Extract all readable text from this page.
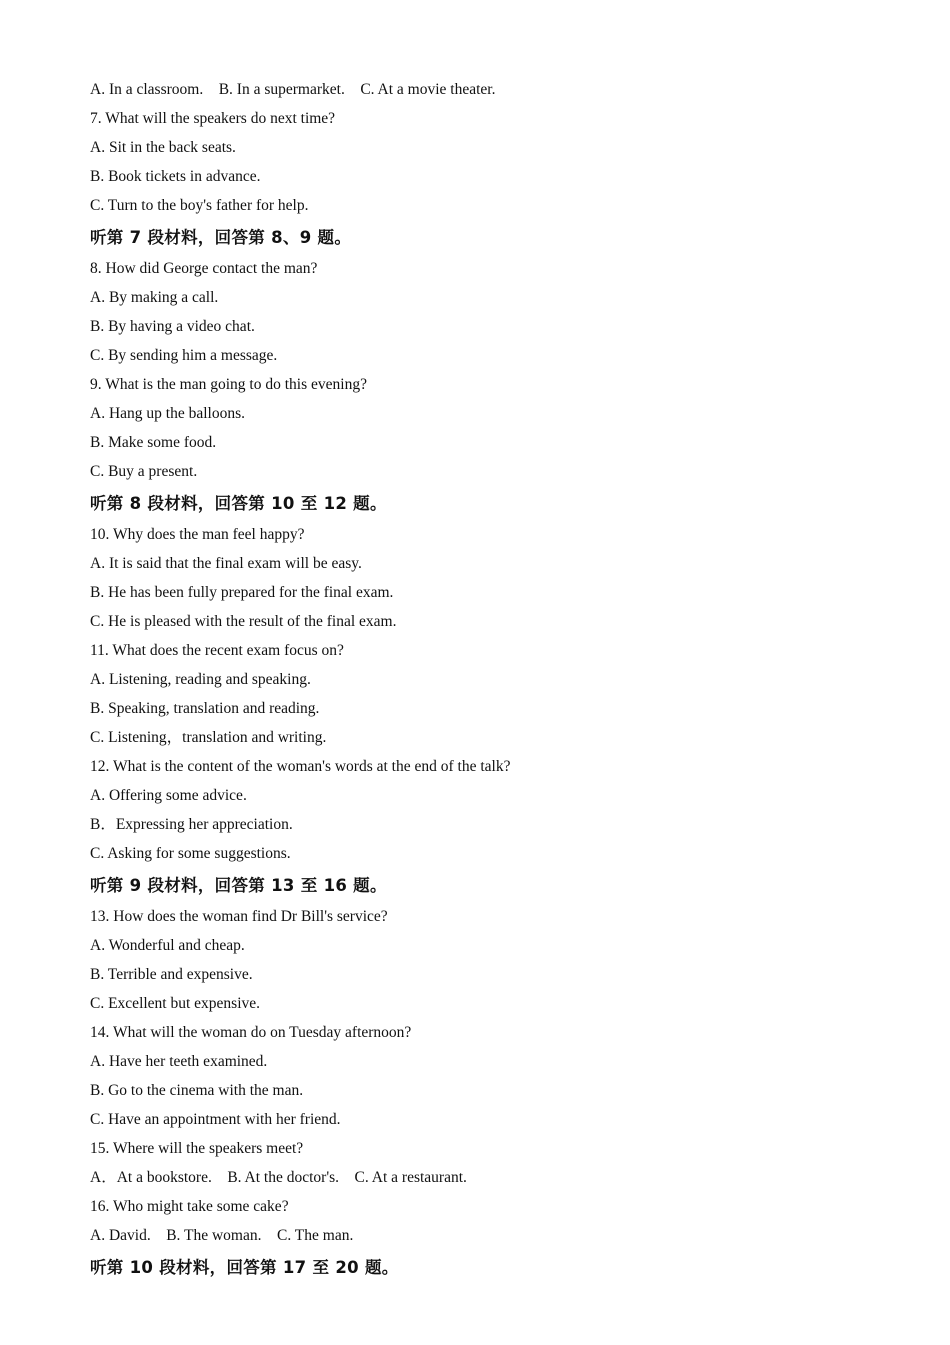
A. In a classroom.    B. In a supermarket.    C. At a movie theater.
7. What will the speakers do next time?
A. Sit in the back seats.
B. Book tickets in advance.
C. Turn to the boy's father for help.
听第 7 段材料，回答第 8、9 题。
8. How did George contact the man?
A. By making a call.
B. By having a video chat.
C. By sending him a message.
9. What is the man going to do this evening?
A. Hang up the balloons.
B. Make some food.
C. Buy a present.
听第 8 段材料，回答第 10 至 12 题。
10. Why does the man feel happy?
A. It is said that the final exam will be easy.
B. He has been fully prepared for the final exam.
C. He is pleased with the result of the final exam.
11. What does the recent exam focus on?
A. Listening, reading and speaking.
B. Speaking, translation and reading.
C. Listening，translation and writing.
12. What is the content of the woman's words at the end of the talk?
A. Offering some advice.
B．Expressing her appreciation.
C. Asking for some suggestions.
听第 9 段材料，回答第 13 至 16 题。
13. How does the woman find Dr Bill's service?
A. Wonderful and cheap.
B. Terrible and expensive.
C. Excellent but expensive.
14. What will the woman do on Tuesday afternoon?
A. Have her teeth examined.
B. Go to the cinema with the man.
C. Have an appointment with her friend.
15. Where will the speakers meet?
A．At a bookstore.    B. At the doctor's.    C. At a restaurant.
16. Who might take some cake?
A. David.    B. The woman.    C. The man.
听第 10 段材料，回答第 17 至 20 题。
